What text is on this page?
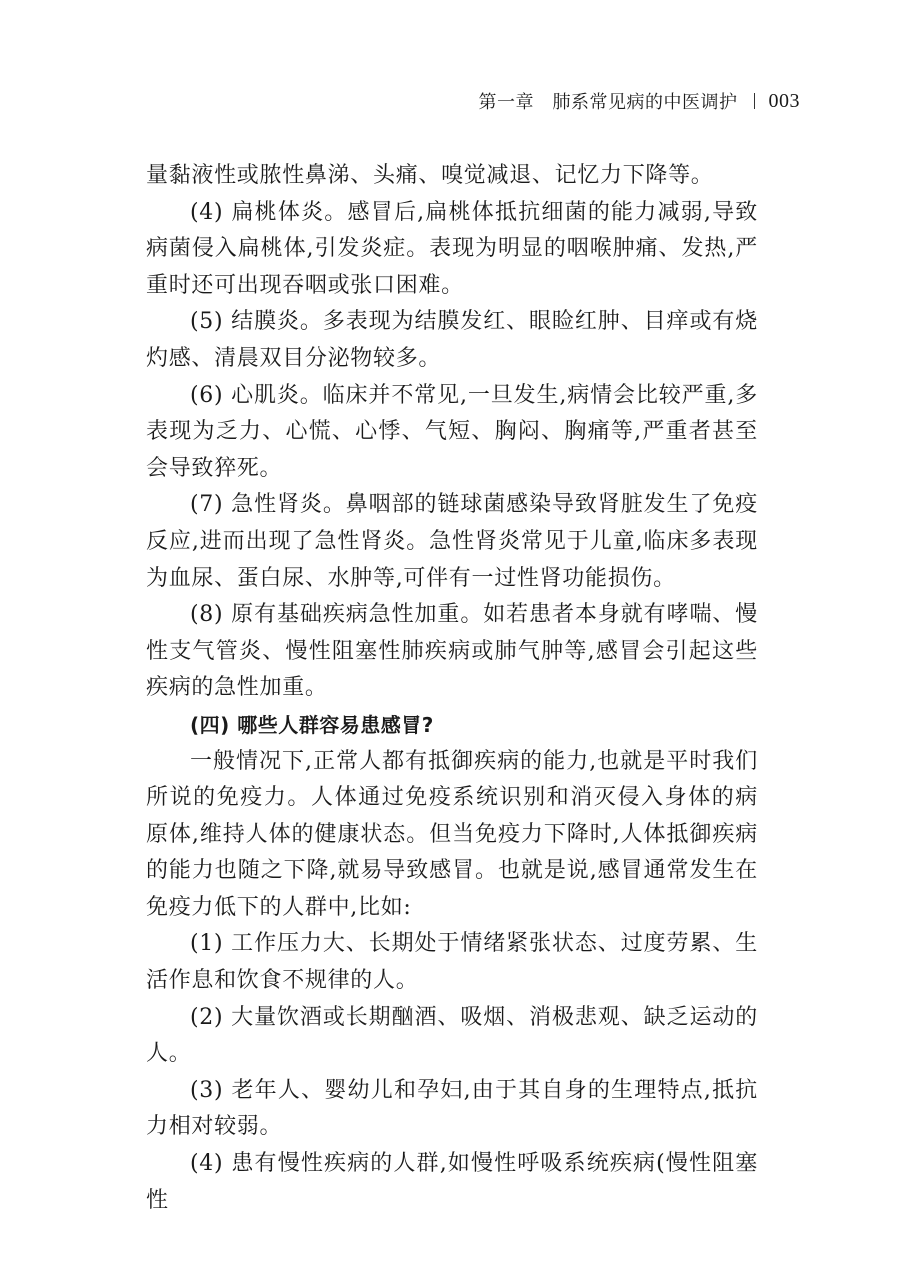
第一章　肺系常见病的中医调护 003

量黏液性或脓性鼻涕、头痛、嗅觉减退、记忆力下降等。

(4) 扁桃体炎。感冒后,扁桃体抵抗细菌的能力减弱,导致病菌侵入扁桃体,引发炎症。表现为明显的咽喉肿痛、发热,严重时还可出现吞咽或张口困难。

(5) 结膜炎。多表现为结膜发红、眼睑红肿、目痒或有烧灼感、清晨双目分泌物较多。

(6) 心肌炎。临床并不常见,一旦发生,病情会比较严重,多表现为乏力、心慌、心悸、气短、胸闷、胸痛等,严重者甚至会导致猝死。

(7) 急性肾炎。鼻咽部的链球菌感染导致肾脏发生了免疫反应,进而出现了急性肾炎。急性肾炎常见于儿童,临床多表现为血尿、蛋白尿、水肿等,可伴有一过性肾功能损伤。

(8) 原有基础疾病急性加重。如若患者本身就有哮喘、慢性支气管炎、慢性阻塞性肺疾病或肺气肿等,感冒会引起这些疾病的急性加重。

(四) 哪些人群容易患感冒?

一般情况下,正常人都有抵御疾病的能力,也就是平时我们所说的免疫力。人体通过免疫系统识别和消灭侵入身体的病原体,维持人体的健康状态。但当免疫力下降时,人体抵御疾病的能力也随之下降,就易导致感冒。也就是说,感冒通常发生在免疫力低下的人群中,比如:

(1) 工作压力大、长期处于情绪紧张状态、过度劳累、生活作息和饮食不规律的人。

(2) 大量饮酒或长期酗酒、吸烟、消极悲观、缺乏运动的人。

(3) 老年人、婴幼儿和孕妇,由于其自身的生理特点,抵抗力相对较弱。

(4) 患有慢性疾病的人群,如慢性呼吸系统疾病(慢性阻塞性
